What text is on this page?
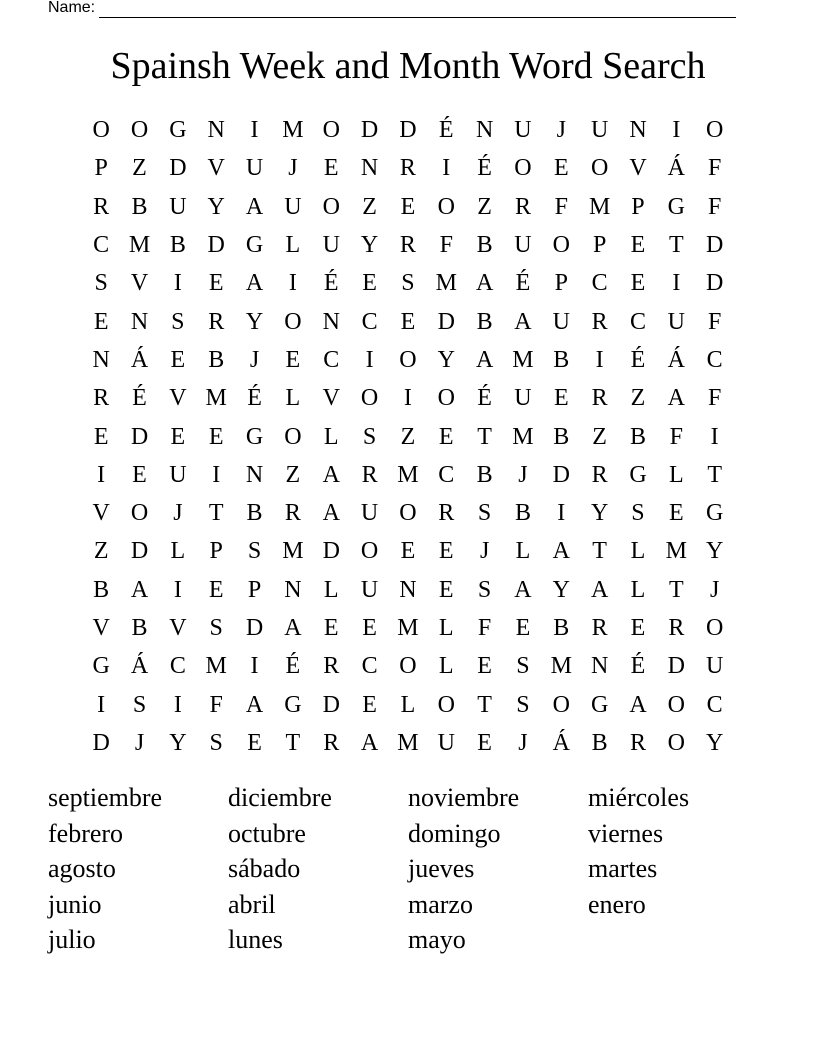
Name:
Spainsh Week and Month Word Search
O O G N	I M O D D É N U	J	U N	I	O
P	Z D V U	J	E N R	I	É O E O V Á F
R B U Y A U O Z E O Z R F M P G F
C M B D G L U Y R F B U O P	E T D
S V	I	E A	I	É E	S M A É	P C E	I	D
E N S R Y O N C E D B A U R C U F
N Á E B	J	E C	I	O Y A M B	I	É Á C
R É V M É L V O	I	O É U E R Z A F
E D E E G O L	S	Z E T M B Z B F	I
I	E U	I	N Z A R M C B	J	D R G L T
V O	J	T B R A U O R S B	I	Y S	E G
Z D L	P	S M D O E E	J	L A T L M Y
B A	I	E	P N L U N E	S A Y A L T	J
V B V S D A E E M L	F	E B R E R O
G Á C M I	É R C O L E	S M N É D U
I	S	I	F A G D E L O T	S O G A O C
D	J	Y S	E T R A M U E	J	Á B R O Y
septiembre	diciembre	noviembre	miércoles
febrero	octubre	domingo	viernes
agosto	sábado	jueves	martes
junio	abril	marzo	enero
julio	lunes	mayo
